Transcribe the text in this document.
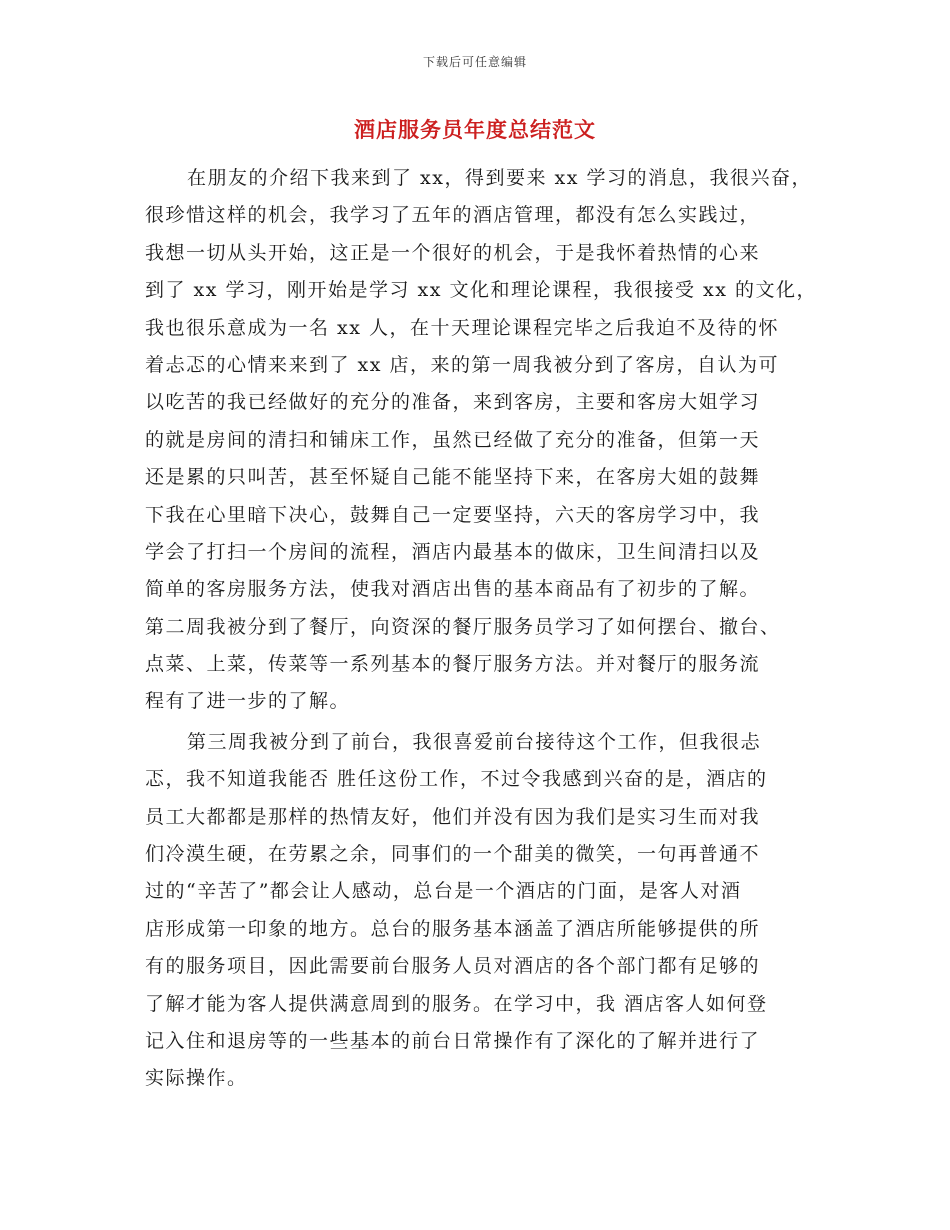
下载后可任意编辑
酒店服务员年度总结范文
在朋友的介绍下我来到了 xx，得到要来 xx 学习的消息，我很兴奋，
很珍惜这样的机会，我学习了五年的酒店管理，都没有怎么实践过，
我想一切从头开始，这正是一个很好的机会，于是我怀着热情的心来
到了 xx 学习，刚开始是学习 xx 文化和理论课程，我很接受 xx 的文化，
我也很乐意成为一名 xx 人，在十天理论课程完毕之后我迫不及待的怀
着忐忑的心情来来到了 xx 店，来的第一周我被分到了客房，自认为可
以吃苦的我已经做好的充分的准备，来到客房，主要和客房大姐学习
的就是房间的清扫和铺床工作，虽然已经做了充分的准备，但第一天
还是累的只叫苦，甚至怀疑自己能不能坚持下来，在客房大姐的鼓舞
下我在心里暗下决心，鼓舞自己一定要坚持，六天的客房学习中，我
学会了打扫一个房间的流程，酒店内最基本的做床，卫生间清扫以及
简单的客房服务方法，使我对酒店出售的基本商品有了初步的了解。
第二周我被分到了餐厅，向资深的餐厅服务员学习了如何摆台、撤台、
点菜、上菜，传菜等一系列基本的餐厅服务方法。并对餐厅的服务流
程有了进一步的了解。
第三周我被分到了前台，我很喜爱前台接待这个工作，但我很忐
忑，我不知道我能否 胜任这份工作，不过令我感到兴奋的是，酒店的
员工大都都是那样的热情友好，他们并没有因为我们是实习生而对我
们冷漠生硬，在劳累之余，同事们的一个甜美的微笑，一句再普通不
过的“辛苦了”都会让人感动，总台是一个酒店的门面，是客人对酒
店形成第一印象的地方。总台的服务基本涵盖了酒店所能够提供的所
有的服务项目，因此需要前台服务人员对酒店的各个部门都有足够的
了解才能为客人提供满意周到的服务。在学习中，我 酒店客人如何登
记入住和退房等的一些基本的前台日常操作有了深化的了解并进行了
实际操作。
